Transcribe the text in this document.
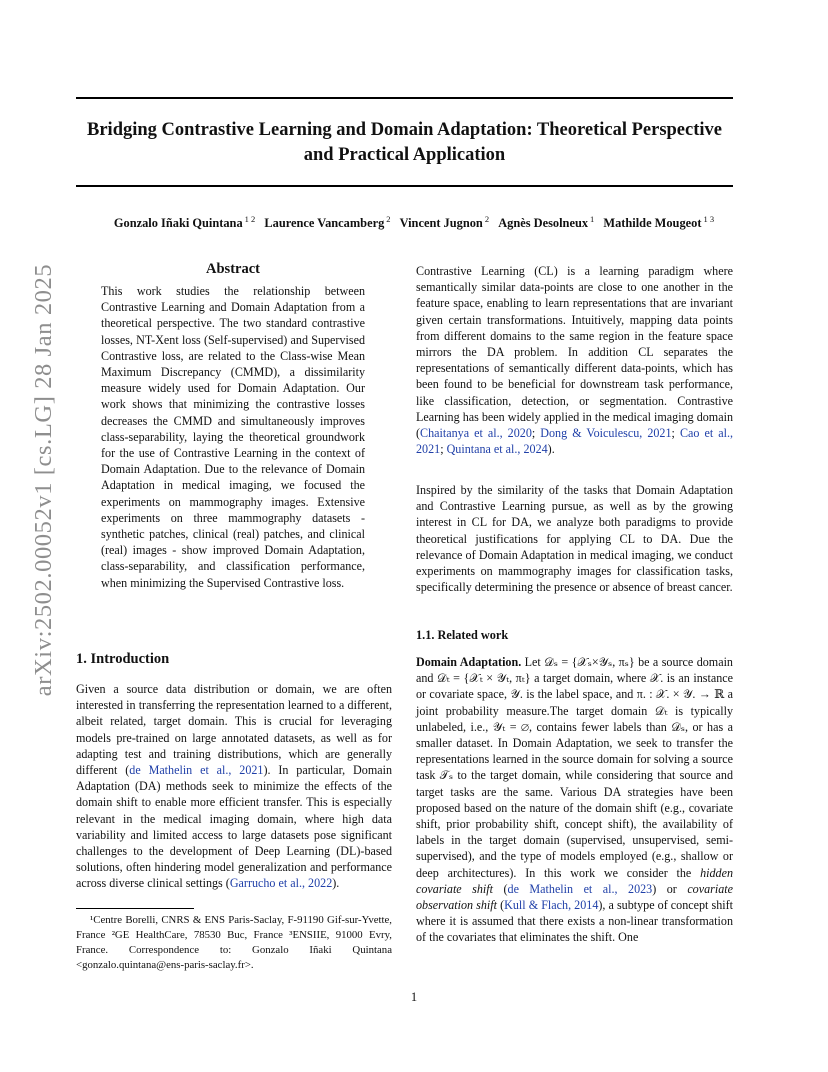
Bridging Contrastive Learning and Domain Adaptation: Theoretical Perspective and Practical Application
Gonzalo Iñaki Quintana $^{1 2}$ Laurence Vancamberg $^2$ Vincent Jugnon $^2$ Agnès Desolneux $^1$ Mathilde Mougeot $^{1 3}$
arXiv:2502.00052v1 [cs.LG] 28 Jan 2025	Abstract
This work studies the relationship between Contrastive Learning and Domain Adaptation from a theoretical perspective. The two standard contrastive losses, NT-Xent loss (Self-supervised) and Supervised Contrastive loss, are related to the Class-wise Mean Maximum Discrepancy (CMMD), a dissimilarity measure widely used for Domain Adaptation. Our work shows that minimizing the contrastive losses decreases the CMMD and simultaneously improves class-separability, laying the theoretical groundwork for the use of Contrastive Learning in the context of Domain Adaptation. Due to the relevance of Domain Adaptation in medical imaging, we focused the experiments on mammography images. Extensive experiments on three mammography datasets - synthetic patches, clinical (real) patches, and clinical (real) images - show improved Domain Adaptation, class-separability, and classification performance, when minimizing the Supervised Contrastive loss.
1. Introduction

Given a source data distribution or domain, we are often interested in transferring the representation learned to a different, albeit related, target domain. This is crucial for leveraging models pre-trained on large annotated datasets, as well as for adapting test and training distributions, which are generally different (de Mathelin et al., 2021). In particular, Domain Adaptation (DA) methods seek to minimize the effects of the domain shift to enable more efficient transfer. This is especially relevant in the medical imaging domain, where high data variability and limited access to large datasets pose significant challenges to the development of Deep Learning (DL)-based solutions, often hindering model generalization and performance across diverse clinical settings (Garrucho et al., 2022).

¹Centre Borelli, CNRS & ENS Paris-Saclay, F-91190 Gif-sur-Yvette, France ²GE HealthCare, 78530 Buc, France ³ENSIIE, 91000 Evry, France. Correspondence to: Gonzalo Iñaki Quintana <gonzalo.quintana@ens-paris-saclay.fr>.

Contrastive Learning (CL) is a learning paradigm where semantically similar data-points are close to one another in the feature space, enabling to learn representations that are invariant given certain transformations. Intuitively, mapping data points from different domains to the same region in the feature space mirrors the DA problem. In addition CL separates the representations of semantically different data-points, which has been found to be beneficial for downstream task performance, like classification, detection, or segmentation. Contrastive Learning has been widely applied in the medical imaging domain (Chaitanya et al., 2020; Dong & Voiculescu, 2021; Cao et al., 2021; Quintana et al., 2024).

Inspired by the similarity of the tasks that Domain Adaptation and Contrastive Learning pursue, as well as by the growing interest in CL for DA, we analyze both paradigms to provide theoretical justifications for applying CL to DA. Due the relevance of Domain Adaptation in medical imaging, we conduct experiments on mammography images for classification tasks, specifically determining the presence or absence of breast cancer.

1.1. Related work

Domain Adaptation. Let 𝒟ₛ = {𝒳ₛ×𝒴ₛ, πₛ} be a source domain and 𝒟ₜ = {𝒳ₜ × 𝒴ₜ, πₜ} a target domain, where 𝒳. is an instance or covariate space, 𝒴. is the label space, and π. : 𝒳. × 𝒴. → ℝ a joint probability measure.The target domain 𝒟ₜ is typically unlabeled, i.e., 𝒴ₜ = ∅, contains fewer labels than 𝒟ₛ, or has a smaller dataset. In Domain Adaptation, we seek to transfer the representations learned in the source domain for solving a source task 𝒯ₛ to the target domain, while considering that source and target tasks are the same. Various DA strategies have been proposed based on the nature of the domain shift (e.g., covariate shift, prior probability shift, concept shift), the availability of labels in the target domain (supervised, unsupervised, semi-supervised), and the type of models employed (e.g., shallow or deep architectures). In this work we consider the hidden covariate shift (de Mathelin et al., 2023) or covariate observation shift (Kull & Flach, 2014), a subtype of concept shift where it is assumed that there exists a non-linear transformation of the covariates that eliminates the shift. One

1
